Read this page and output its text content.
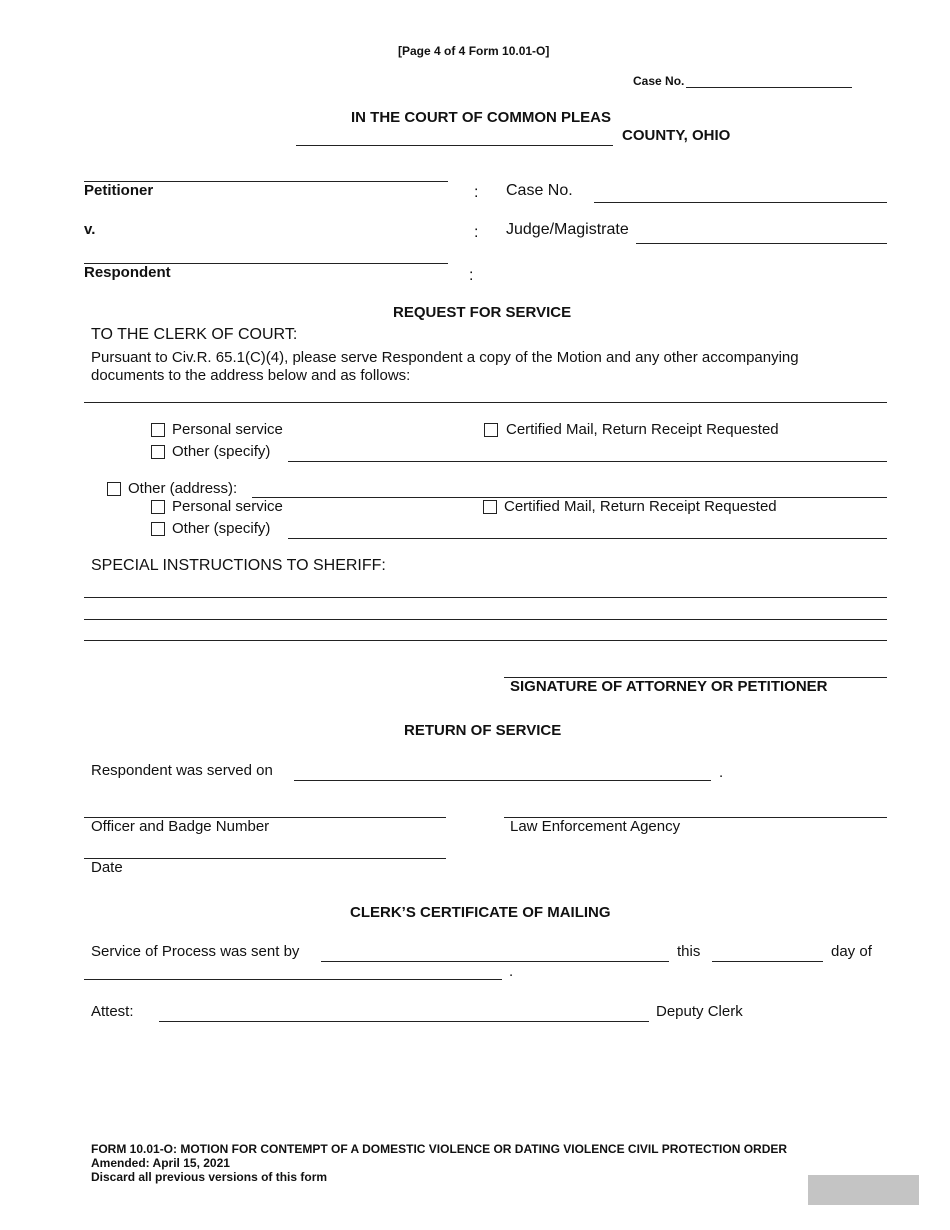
[Page 4 of 4 Form 10.01-O]
Case No.
IN THE COURT OF COMMON PLEAS
COUNTY, OHIO
Petitioner	: Case No.
v.	: Judge/Magistrate
Respondent	:
REQUEST FOR SERVICE
TO THE CLERK OF COURT:
Pursuant to Civ.R. 65.1(C)(4), please serve Respondent a copy of the Motion and any other accompanying documents to the address below and as follows:
Personal service	Certified Mail, Return Receipt Requested
Other (specify)
Other (address):
Personal service	Certified Mail, Return Receipt Requested
Other (specify)
SPECIAL INSTRUCTIONS TO SHERIFF:
SIGNATURE OF ATTORNEY OR PETITIONER
RETURN OF SERVICE
Respondent was served on	.
Officer and Badge Number	Law Enforcement Agency
Date
CLERK’S CERTIFICATE OF MAILING
Service of Process was sent by	this	day of
.
Attest:	Deputy Clerk
FORM 10.01-O: MOTION FOR CONTEMPT OF A DOMESTIC VIOLENCE OR DATING VIOLENCE CIVIL PROTECTION ORDER
Amended: April 15, 2021
Discard all previous versions of this form
